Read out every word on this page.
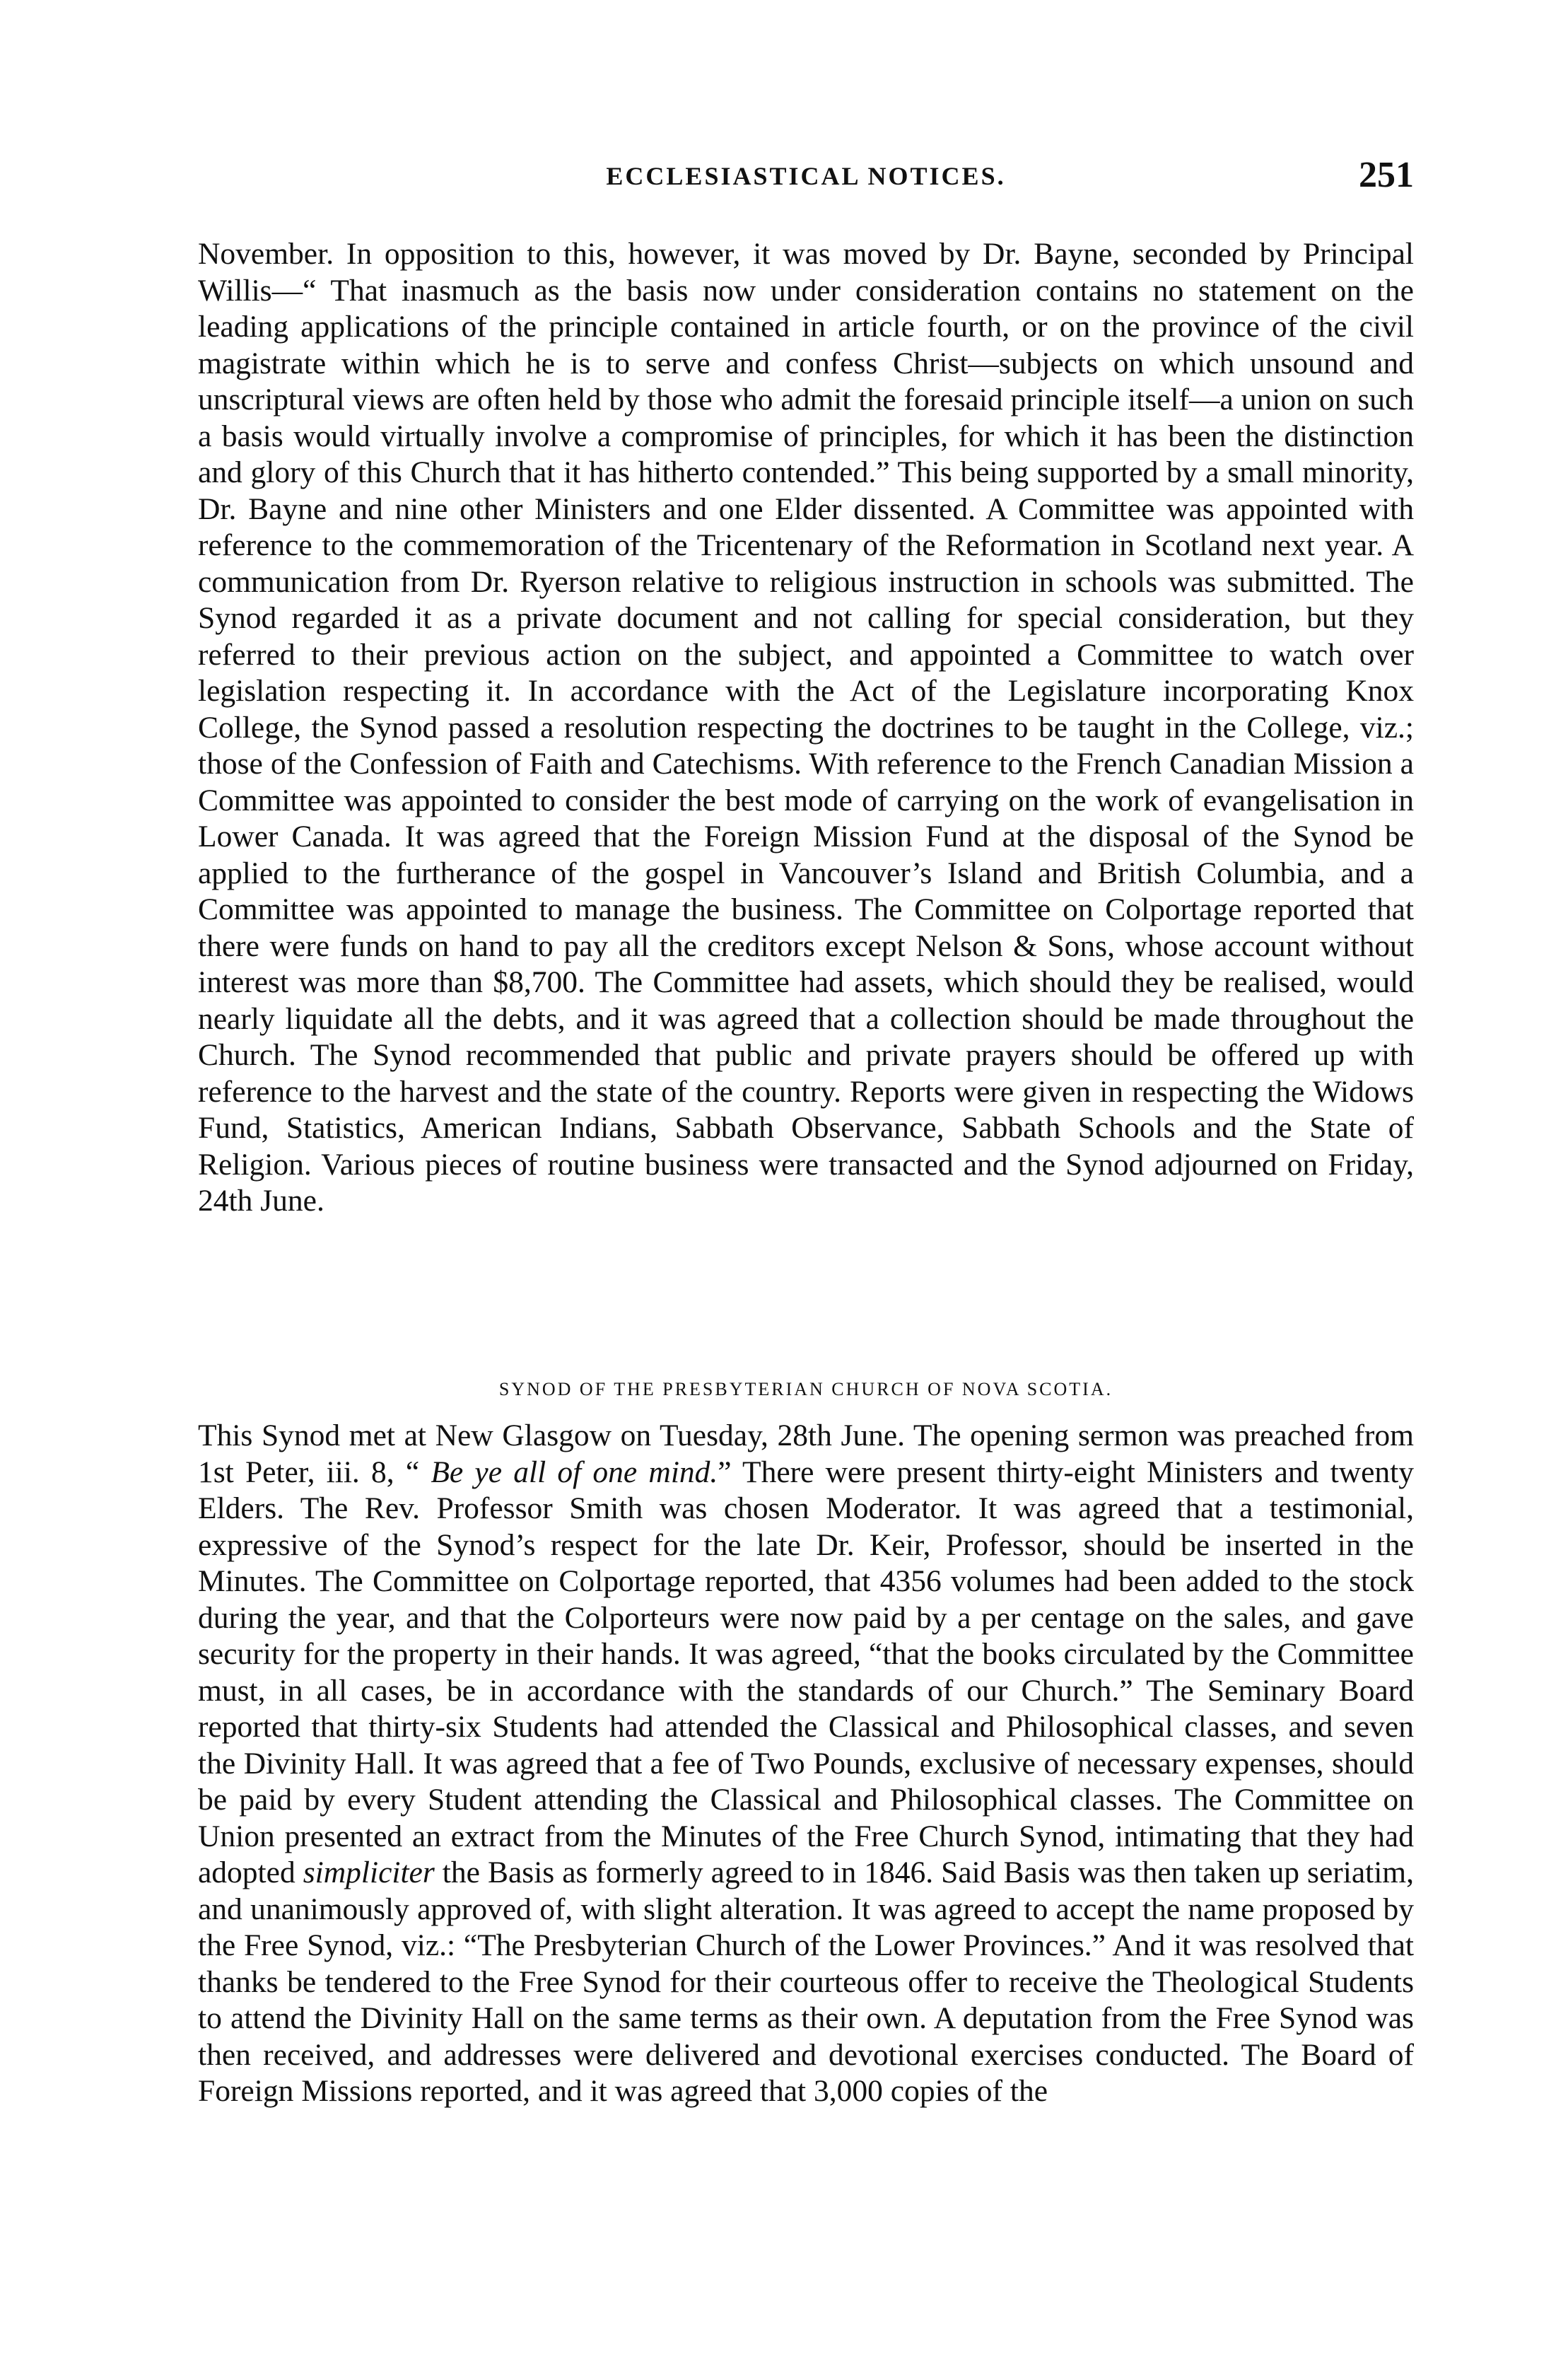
ECCLESIASTICAL NOTICES.	251

November. In opposition to this, however, it was moved by Dr. Bayne, seconded by Principal Willis—“ That inasmuch as the basis now under consideration contains no statement on the leading applications of the principle contained in article fourth, or on the province of the civil magistrate within which he is to serve and confess Christ—subjects on which unsound and unscriptural views are often held by those who admit the foresaid principle itself—a union on such a basis would virtually involve a compromise of principles, for which it has been the distinction and glory of this Church that it has hitherto contended.” This being supported by a small minority, Dr. Bayne and nine other Ministers and one Elder dissented. A Committee was appointed with reference to the commemoration of the Tricentenary of the Reformation in Scotland next year. A communication from Dr. Ryerson relative to religious instruction in schools was submitted. The Synod regarded it as a private document and not calling for special consideration, but they referred to their previous action on the subject, and appointed a Committee to watch over legislation respecting it. In accordance with the Act of the Legislature incorporating Knox College, the Synod passed a resolution respecting the doctrines to be taught in the College, viz.; those of the Confession of Faith and Catechisms. With reference to the French Canadian Mission a Committee was appointed to consider the best mode of carrying on the work of evangelisation in Lower Canada. It was agreed that the Foreign Mission Fund at the disposal of the Synod be applied to the furtherance of the gospel in Vancouver’s Island and British Columbia, and a Committee was appointed to manage the business. The Committee on Colportage reported that there were funds on hand to pay all the creditors except Nelson & Sons, whose account without interest was more than $8,700. The Committee had assets, which should they be realised, would nearly liquidate all the debts, and it was agreed that a collection should be made throughout the Church. The Synod recommended that public and private prayers should be offered up with reference to the harvest and the state of the country. Reports were given in respecting the Widows Fund, Statistics, American Indians, Sabbath Observance, Sabbath Schools and the State of Religion. Various pieces of routine business were transacted and the Synod adjourned on Friday, 24th June.

SYNOD OF THE PRESBYTERIAN CHURCH OF NOVA SCOTIA.

This Synod met at New Glasgow on Tuesday, 28th June. The opening sermon was preached from 1st Peter, iii. 8, “ Be ye all of one mind.” There were present thirty-eight Ministers and twenty Elders. The Rev. Professor Smith was chosen Moderator. It was agreed that a testimonial, expressive of the Synod’s respect for the late Dr. Keir, Professor, should be inserted in the Minutes. The Committee on Colportage reported, that 4356 volumes had been added to the stock during the year, and that the Colporteurs were now paid by a per centage on the sales, and gave security for the property in their hands. It was agreed, “that the books circulated by the Committee must, in all cases, be in accordance with the standards of our Church.” The Seminary Board reported that thirty-six Students had attended the Classical and Philosophical classes, and seven the Divinity Hall. It was agreed that a fee of Two Pounds, exclusive of necessary expenses, should be paid by every Student attending the Classical and Philosophical classes. The Committee on Union presented an extract from the Minutes of the Free Church Synod, intimating that they had adopted simpliciter the Basis as formerly agreed to in 1846. Said Basis was then taken up seriatim, and unanimously approved of, with slight alteration. It was agreed to accept the name proposed by the Free Synod, viz.: “The Presbyterian Church of the Lower Provinces.” And it was resolved that thanks be tendered to the Free Synod for their courteous offer to receive the Theological Students to attend the Divinity Hall on the same terms as their own. A deputation from the Free Synod was then received, and addresses were delivered and devotional exercises conducted. The Board of Foreign Missions reported, and it was agreed that 3,000 copies of the
